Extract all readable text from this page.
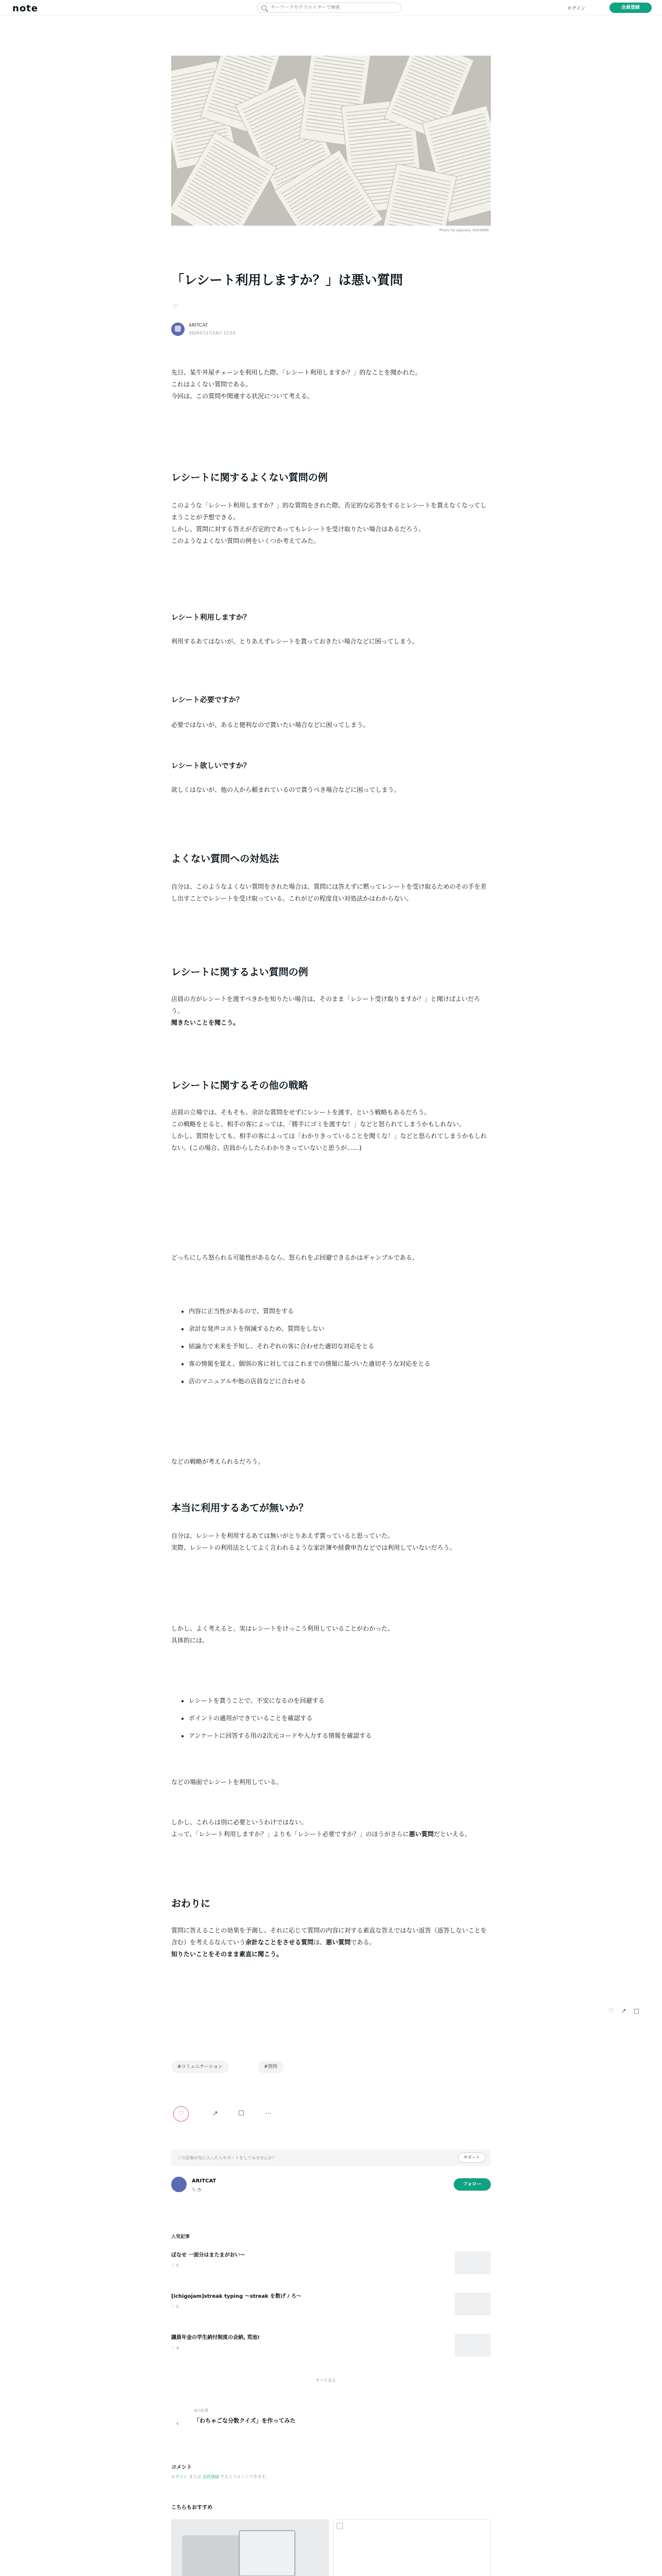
note
キーワードやクリエイターで検索	ログイン	会員登録
Photo by jagaaaa_there888
「レシート利用しますか？」は悪い質問
♡
ARITCAT
2024年11月14日 12:53

先日、某牛丼屋チェーンを利用した際、「レシート利用しますか？」的なことを聞かれた。

これはよくない質問である。

今回は、この質問や関連する状況について考える。

レシートに関するよくない質問の例

このような「レシート利用しますか？」的な質問をされた際、否定的な応答をするとレシートを貰えなくなってしまうことが予想できる。

しかし、質問に対する答えが否定的であってもレシートを受け取りたい場合はあるだろう。

このようなよくない質問の例をいくつか考えてみた。

レシート利用しますか？
利用するあてはないが、とりあえずレシートを貰っておきたい場合などに困ってしまう。
レシート必要ですか？
必要ではないが、あると便利なので貰いたい場合などに困ってしまう。
レシート欲しいですか？
欲しくはないが、他の人から頼まれているので貰うべき場合などに困ってしまう。
よくない質問への対処法
自分は、このようなよくない質問をされた場合は、質問には答えずに黙ってレシートを受け取るためのその手を差し出すことでレシートを受け取っている。これがどの程度良い対処法かはわからない。
レシートに関するよい質問の例

店員の方がレシートを渡すべきかを知りたい場合は、そのまま「レシート受け取りますか？」と聞けばよいだろう。

聞きたいことを聞こう。

レシートに関するその他の戦略

店員の立場では、そもそも、余計な質問をせずにレシートを渡す、という戦略もあるだろう。

この戦略をとると、相手の客によっては、「勝手にゴミを渡すな！」などと怒られてしまうかもしれない。

しかし、質問をしても、相手の客によっては「わかりきっていることを聞くな！」などと怒られてしまうかもしれない。(この場合、店員からしたらわかりきっていないと思うが……)

どっちにしろ怒られる可能性があるなら、怒られをぶ回避できるかはギャンブルである。
• 内容に正当性があるので、質問をする
• 余計な発声コストを削減するため、質問をしない
• 結論力で未来を予知し、それぞれの客に合わせた適切な対応をとる
• 客の情報を覚え、個別の客に対してはこれまでの情報に基づいた適切そうな対応をとる
• 店のマニュアルや他の店員などに合わせる
などの戦略が考えられるだろう。
本当に利用するあてが無いか？

自分は、レシートを利用するあては無いがとりあえず貰っていると思っていた。

実際、レシートの利用法としてよく言われるような家計簿や経費申告などでは利用していないだろう。

しかし、よく考えると、実はレシートをけっこう利用していることがわかった。

具体的には、

• レシートを貰うことで、不安になるのを回避する
• ポイントの適用ができていることを確認する
• アンケートに回答する用の2次元コードや入力する情報を確認する
などの場面でレシートを利用している。

しかし、これらは別に必要というわけではない。

よって、「レシート利用しますか？」よりも「レシート必要ですか？」のほうがさらに悪い質問だといえる。

おわりに

質問に答えることの効果を予測し、それに応じて質問の内容に対する素直な答えではない返答（返答しないことを含む）を考えるなんていう余計なことをさせる質問は、悪い質問である。

知りたいことをそのまま素直に聞こう。

♡ ↗ □
#コミュニケーション	#質問
♡	↗	☐	⋯
この記事が気に入ったらサポートをしてみませんか？	サポート
ARITCAT
𝕏 ◔
フォロー
人気記事
ぼなせ 一面分はまたまがおい〜
♡ 5
[ichigojam]streak typing 〜streak を数げ / ろ〜
♡ 5
議員年金の学生納付制度の会納, 荒池!
♡ 4
すべて見る
‹
前の記事
「わちゃごな分数クイズ」を作ってみた
コメント
ログイン または 会員登録 するとコメントできます。
こちらもおすすめ
